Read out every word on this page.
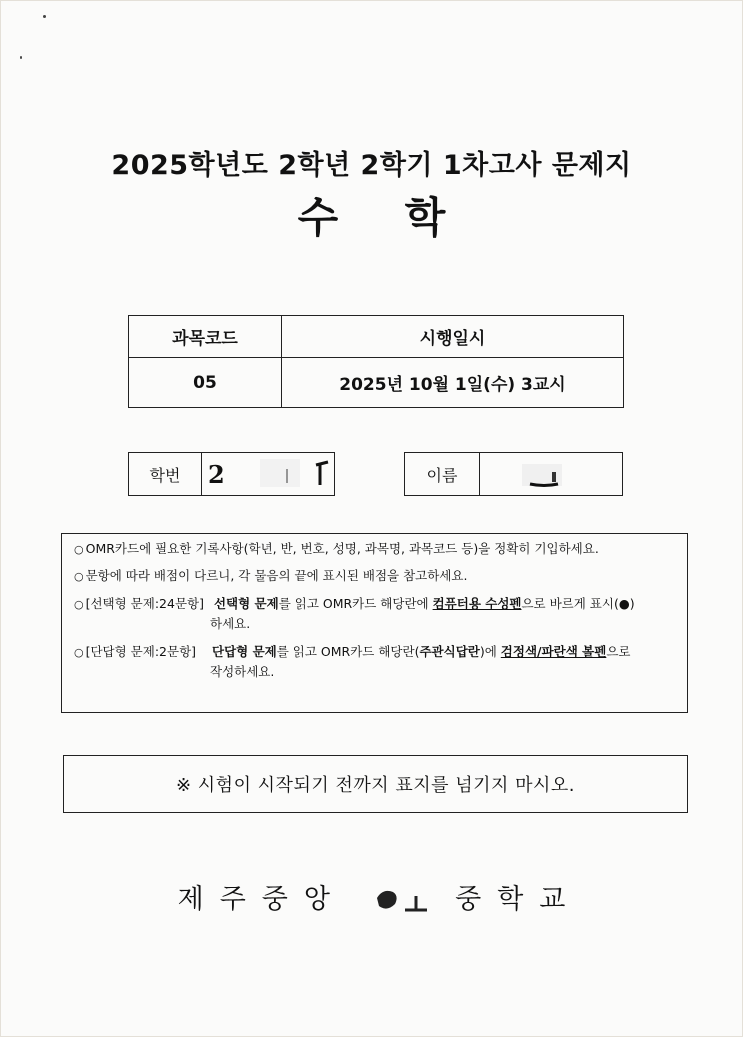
2025학년도 2학년 2학기 1차고사 문제지
수 학
과목코드	시행일시
05	2025년 10월 1일(수) 3교시
학번	2	이름
○ OMR카드에 필요한 기록사항(학년, 반, 번호, 성명, 과목명, 과목코드 등)을 정확히 기입하세요.
○ 문항에 따라 배점이 다르니, 각 물음의 끝에 표시된 배점을 참고하세요.
○ [선택형 문제:24문항] 선택형 문제를 읽고 OMR카드 해당란에 컴퓨터용 수성펜으로 바르게 표시(●)
하세요.
○ [단답형 문제:2문항] 단답형 문제를 읽고 OMR카드 해당란(주관식답란)에 검정색/파란색 볼펜으로
작성하세요.
※ 시험이 시작되기 전까지 표지를 넘기지 마시오.
제주중앙	중학교
